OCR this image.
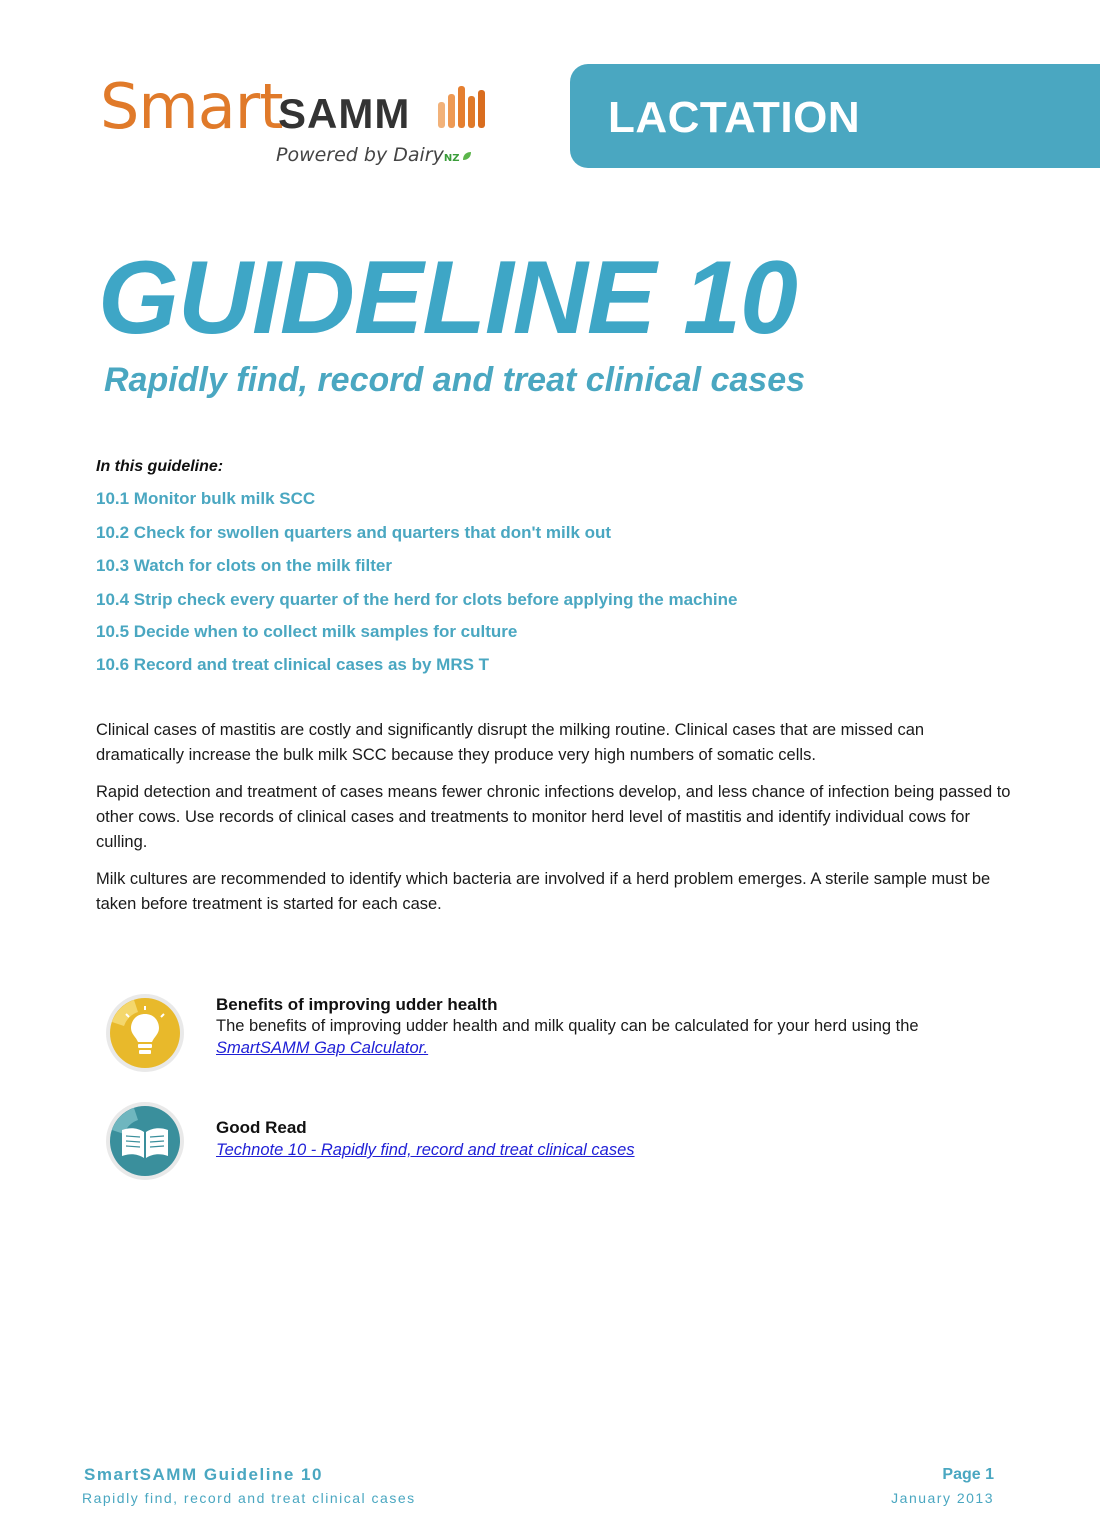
Smart
SAMM
Powered by DairyNZ
LACTATION
GUIDELINE 10
Rapidly find, record and treat clinical cases
In this guideline:
10.1 Monitor bulk milk SCC
10.2 Check for swollen quarters and quarters that don't milk out
10.3 Watch for clots on the milk filter
10.4 Strip check every quarter of the herd for clots before applying the machine
10.5 Decide when to collect milk samples for culture
10.6 Record and treat clinical cases as by MRS T

Clinical cases of mastitis are costly and significantly disrupt the milking routine. Clinical cases that are missed can dramatically increase the bulk milk SCC because they produce very high numbers of somatic cells.

Rapid detection and treatment of cases means fewer chronic infections develop, and less chance of infection being passed to other cows. Use records of clinical cases and treatments to monitor herd level of mastitis and identify individual cows for culling.

Milk cultures are recommended to identify which bacteria are involved if a herd problem emerges. A sterile sample must be taken before treatment is started for each case.

Benefits of improving udder health
The benefits of improving udder health and milk quality can be calculated for your herd using the SmartSAMM Gap Calculator.
Good Read
Technote 10 - Rapidly find, record and treat clinical cases
SmartSAMM Guideline 10
Rapidly find, record and treat clinical cases
Page 1
January 2013
